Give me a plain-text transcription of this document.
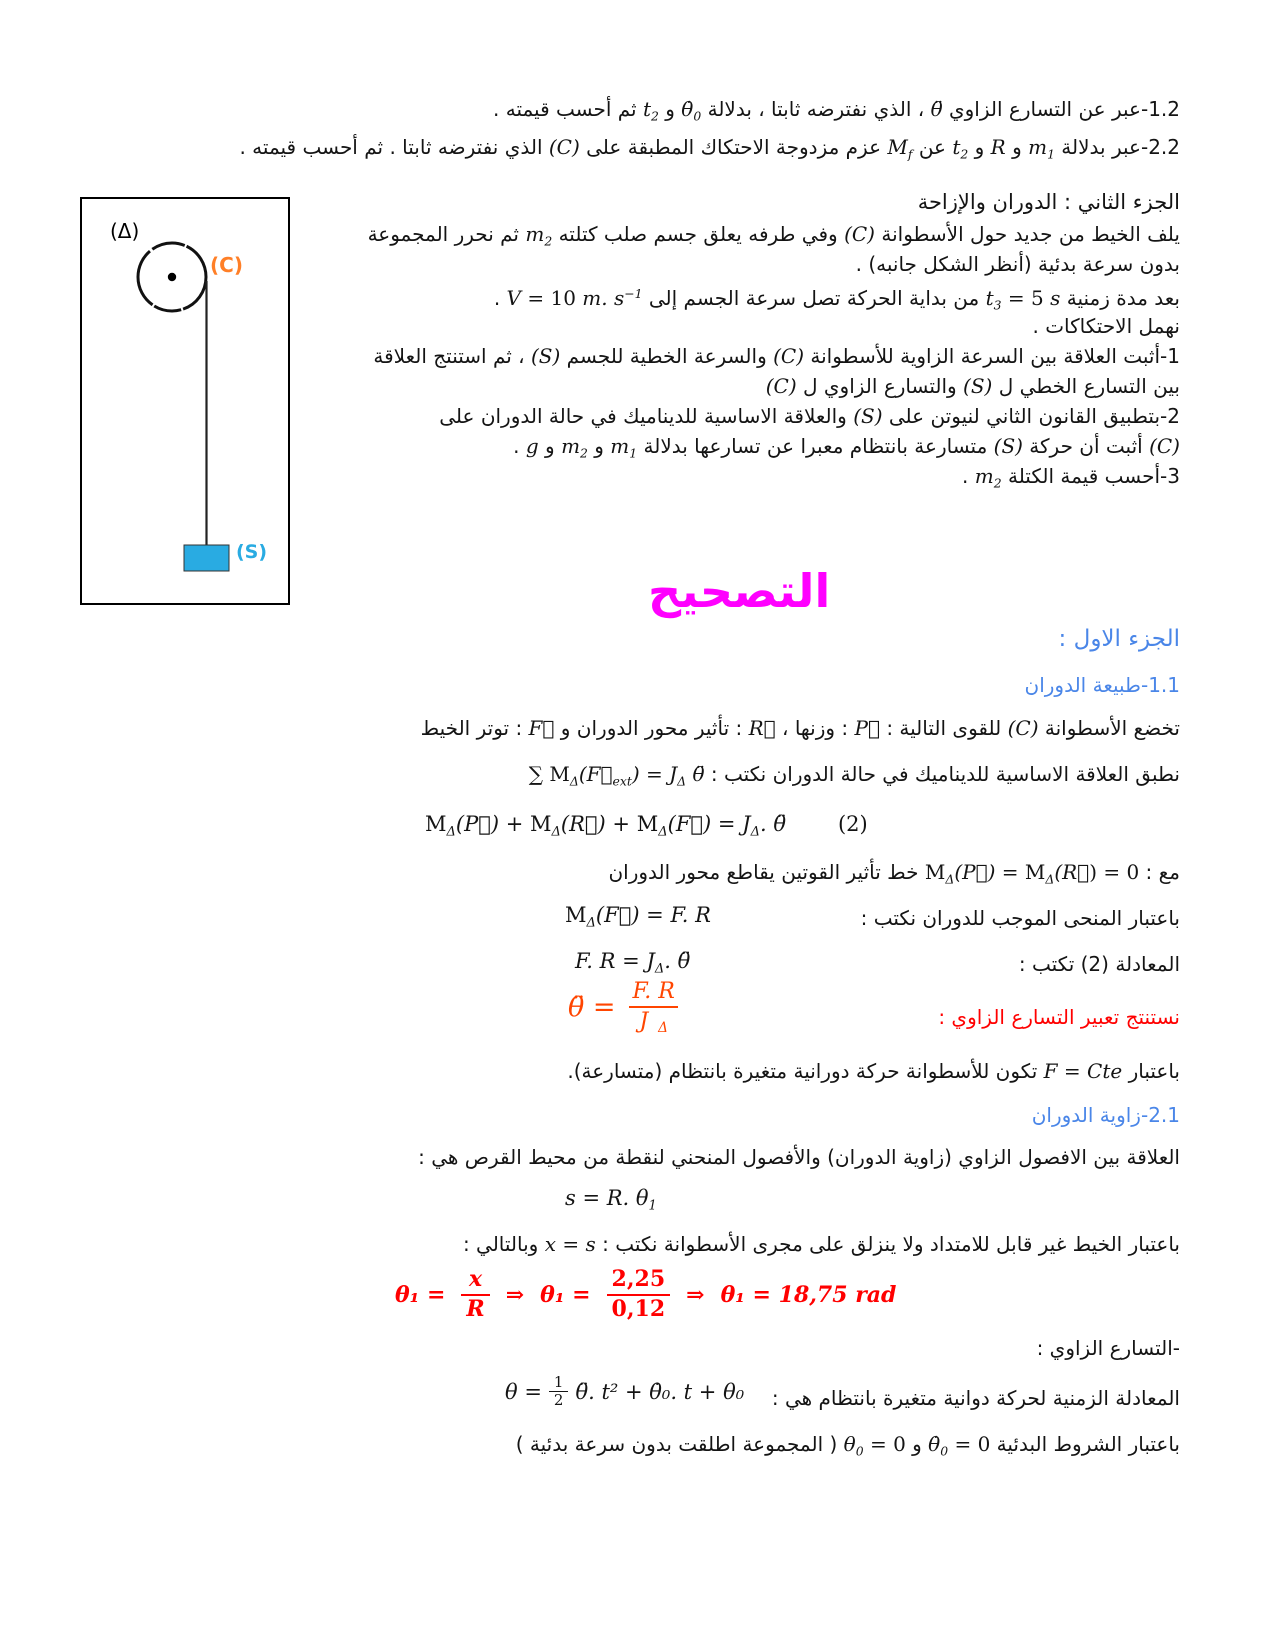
1.2-عبر عن التسارع الزاوي θ̈ ، الذي نفترضه ثابتا ، بدلالة $\thetȧ_0$ و $t_2$ ثم أحسب قيمته .
2.2-عبر بدلالة $m_1$ و R و $t_2$ عن $M_f$ عزم مزدوجة الاحتكاك المطبقة على (C) الذي نفترضه ثابتا . ثم أحسب قيمته .
(Δ)
(C)
(S)
الجزء الثاني : الدوران والإزاحة
يلف الخيط من جديد حول الأسطوانة (C) وفي طرفه يعلق جسم صلب كتلته $m_2$ ثم نحرر المجموعة
بدون سرعة بدئية (أنظر الشكل جانبه) .
بعد مدة زمنية $t_3 = 5$ s من بداية الحركة تصل سرعة الجسم إلى V = 10 m. $s^{-1}$ .
نهمل الاحتكاكات .
1-أثبت العلاقة بين السرعة الزاوية للأسطوانة (C) والسرعة الخطية للجسم (S) ، ثم استنتج العلاقة
بين التسارع الخطي ل (S) والتسارع الزاوي ل (C)
2-بتطبيق القانون الثاني لنيوتن على (S) والعلاقة الاساسية للديناميك في حالة الدوران على
(C) أثبت أن حركة (S) متسارعة بانتظام معبرا عن تسارعها بدلالة $m_1$ و $m_2$ و g .
3-أحسب قيمة الكتلة $m_2$ .
التصحيح
الجزء الاول :
1.1-طبيعة الدوران
تخضع الأسطوانة (C) للقوى التالية : P⃗ : وزنها ، R⃗ : تأثير محور الدوران و F⃗ : توتر الخيط
نطبق العلاقة الاساسية للديناميك في حالة الدوران نكتب : ∑ $M_\Delta(F⃗_{ext}) = J_\Delta$ θ̈
$M_\Delta(P⃗)$ + $M_\Delta(R⃗)$ + $M_\Delta(F⃗) = J_\Delta$. θ̈ (2)
مع : $M_\Delta(P⃗)$ = $M_\Delta(R⃗) = 0$ خط تأثير القوتين يقاطع محور الدوران
باعتبار المنحى الموجب للدوران نكتب :
$M_\Delta(F⃗) = F$. R
المعادلة (2) تكتب :
F. $R = J_\Delta$. θ̈
نستنتج تعبير التسارع الزاوي :
θ̈ = $\frac{F. R}{J _\Delta}$
باعتبار F = Cte تكون للأسطوانة حركة دورانية متغيرة بانتظام (متسارعة).
2.1-زاوية الدوران
العلاقة بين الافصول الزاوي (زاوية الدوران) والأفصول المنحني لنقطة من محيط القرص هي :
s = R. $\theta_1$
باعتبار الخيط غير قابل للامتداد ولا ينزلق على مجرى الأسطوانة نكتب : x = s وبالتالي :
$\theta_1 = \frac{x}{R}$ ⇒ $\theta_1 = \frac{2,25}{0,12}$ ⇒ θ₁ = 18,75 rad
-التسارع الزاوي :
المعادلة الزمنية لحركة دوانية متغيرة بانتظام هي :
$\theta = \frac{1}{2}$ θ̈. t² + θ̇₀. t + θ₀
باعتبار الشروط البدئية $\thetȧ_0 = 0$ و $\theta_0 = 0$ ( المجموعة اطلقت بدون سرعة بدئية )
